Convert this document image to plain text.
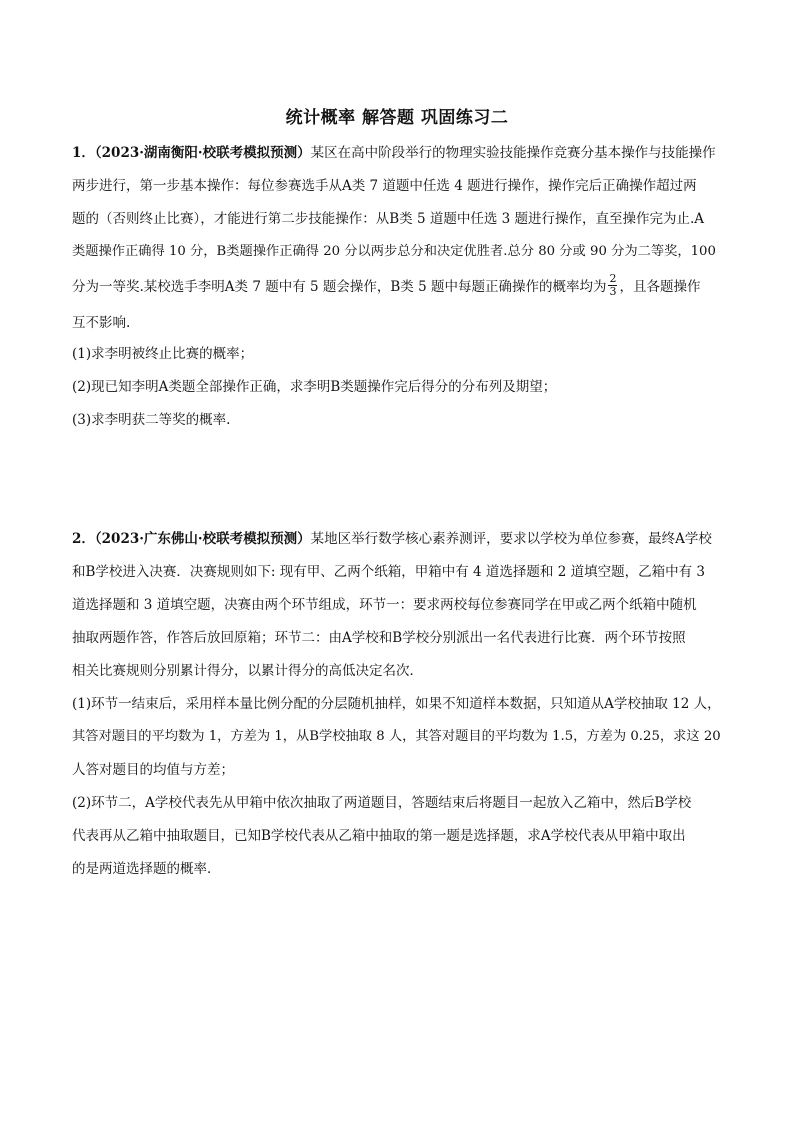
统计概率 解答题 巩固练习二
1．（2023·湖南衡阳·校联考模拟预测）某区在高中阶段举行的物理实验技能操作竞赛分基本操作与技能操作
两步进行，第一步基本操作：每位参赛选手从A类 7 道题中任选 4 题进行操作，操作完后正确操作超过两
题的（否则终止比赛），才能进行第二步技能操作：从B类 5 道题中任选 3 题进行操作，直至操作完为止.A
类题操作正确得 10 分，B类题操作正确得 20 分以两步总分和决定优胜者.总分 80 分或 90 分为二等奖，100
分为一等奖.某校选手李明A类 7 题中有 5 题会操作，B类 5 题中每题正确操作的概率均为 $\frac{2}{3}$ ，且各题操作
互不影响.
(1)求李明被终止比赛的概率；
(2)现已知李明A类题全部操作正确，求李明B类题操作完后得分的分布列及期望；
(3)求李明获二等奖的概率.
2．（2023·广东佛山·校联考模拟预测）某地区举行数学核心素养测评，要求以学校为单位参赛，最终A学校
和B学校进入决赛．决赛规则如下: 现有甲、乙两个纸箱，甲箱中有 4 道选择题和 2 道填空题，乙箱中有 3
道选择题和 3 道填空题，决赛由两个环节组成，环节一：要求两校每位参赛同学在甲或乙两个纸箱中随机
抽取两题作答，作答后放回原箱；环节二：由A学校和B学校分别派出一名代表进行比赛．两个环节按照
相关比赛规则分别累计得分，以累计得分的高低决定名次．
(1)环节一结束后，采用样本量比例分配的分层随机抽样，如果不知道样本数据，只知道从A学校抽取 12 人，
其答对题目的平均数为 1，方差为 1，从B学校抽取 8 人，其答对题目的平均数为 1.5，方差为 0.25，求这 20
人答对题目的均值与方差；
(2)环节二，A学校代表先从甲箱中依次抽取了两道题目，答题结束后将题目一起放入乙箱中，然后B学校
代表再从乙箱中抽取题目，已知B学校代表从乙箱中抽取的第一题是选择题，求A学校代表从甲箱中取出
的是两道选择题的概率．
